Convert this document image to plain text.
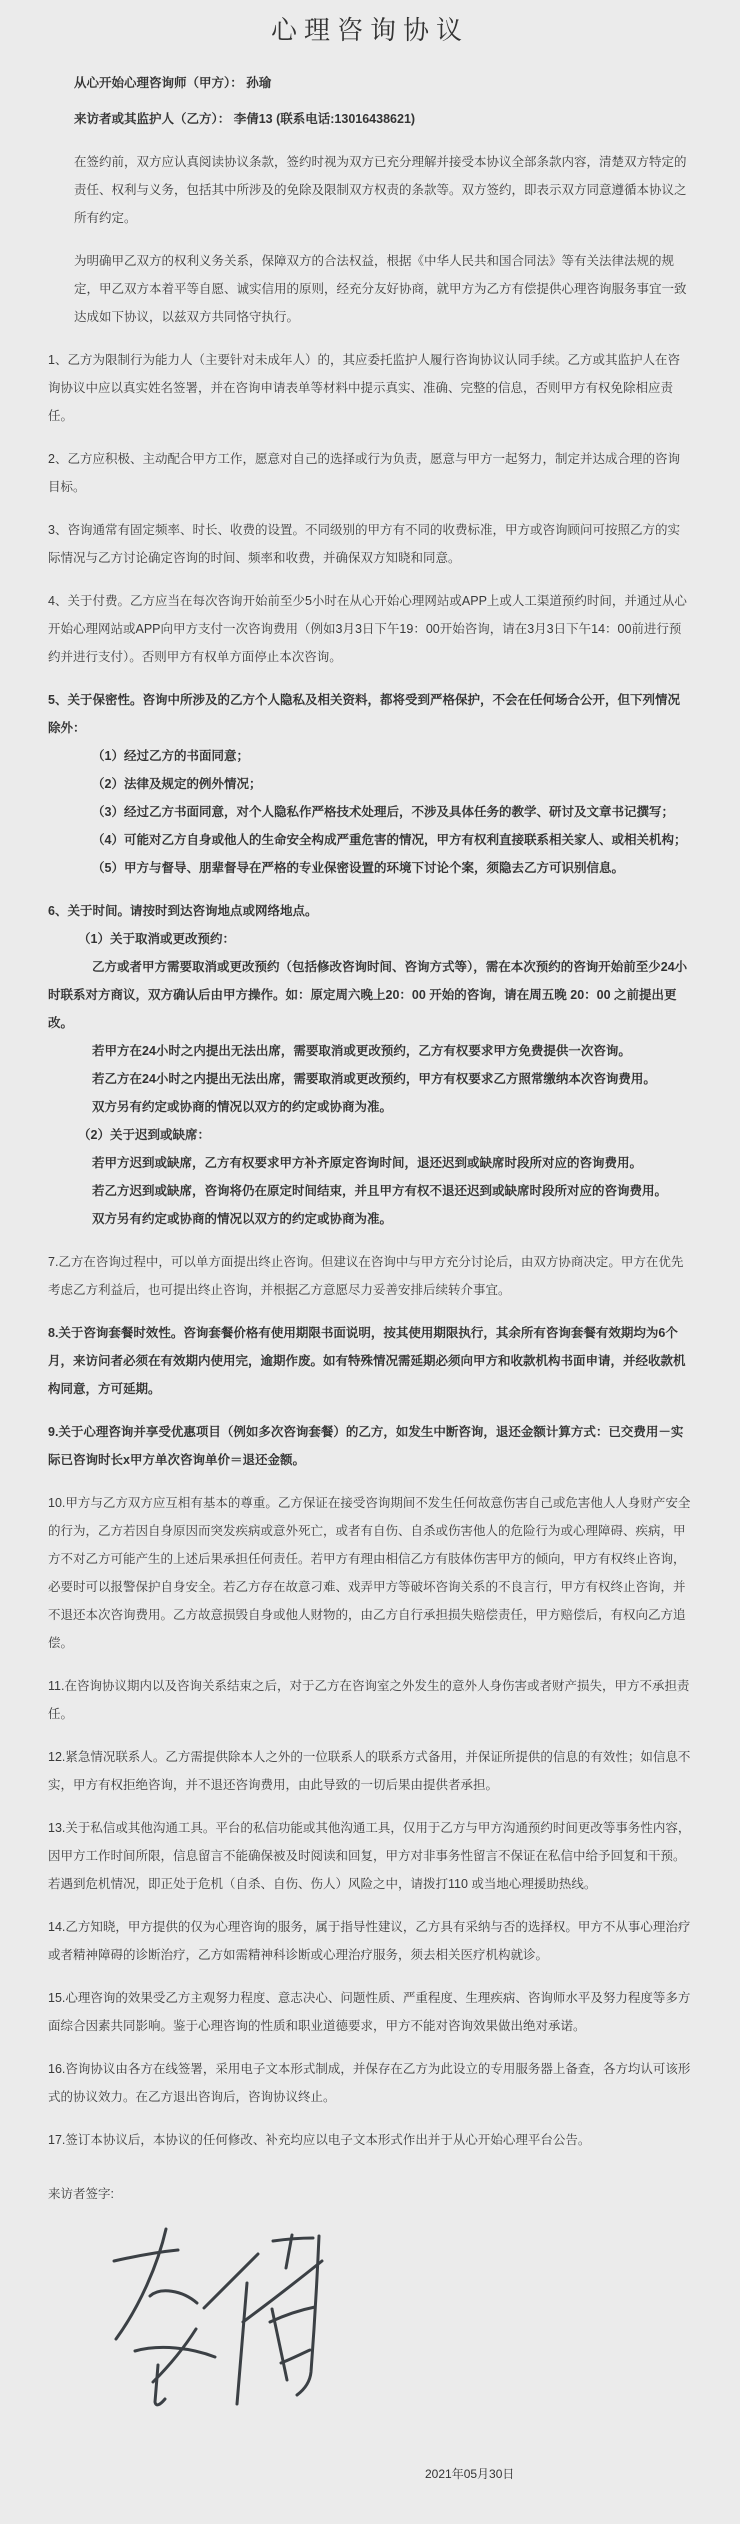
心理咨询协议

从心开始心理咨询师（甲方）： 孙瑜

来访者或其监护人（乙方）： 李倩13 (联系电话:13016438621)

在签约前，双方应认真阅读协议条款，签约时视为双方已充分理解并接受本协议全部条款内容，清楚双方特定的责任、权利与义务，包括其中所涉及的免除及限制双方权责的条款等。双方签约，即表示双方同意遵循本协议之所有约定。

为明确甲乙双方的权利义务关系，保障双方的合法权益，根据《中华人民共和国合同法》等有关法律法规的规定，甲乙双方本着平等自愿、诚实信用的原则，经充分友好协商，就甲方为乙方有偿提供心理咨询服务事宜一致达成如下协议，以兹双方共同恪守执行。

1、乙方为限制行为能力人（主要针对未成年人）的，其应委托监护人履行咨询协议认同手续。乙方或其监护人在咨询协议中应以真实姓名签署，并在咨询申请表单等材料中提示真实、准确、完整的信息，否则甲方有权免除相应责任。

2、乙方应积极、主动配合甲方工作，愿意对自己的选择或行为负责，愿意与甲方一起努力，制定并达成合理的咨询目标。

3、咨询通常有固定频率、时长、收费的设置。不同级别的甲方有不同的收费标准，甲方或咨询顾问可按照乙方的实际情况与乙方讨论确定咨询的时间、频率和收费，并确保双方知晓和同意。

4、关于付费。乙方应当在每次咨询开始前至少5小时在从心开始心理网站或APP上或人工渠道预约时间，并通过从心开始心理网站或APP向甲方支付一次咨询费用（例如3月3日下午19：00开始咨询，请在3月3日下午14：00前进行预约并进行支付）。否则甲方有权单方面停止本次咨询。

5、关于保密性。咨询中所涉及的乙方个人隐私及相关资料，都将受到严格保护，不会在任何场合公开，但下列情况除外：

（1）经过乙方的书面同意；

（2）法律及规定的例外情况；

（3）经过乙方书面同意，对个人隐私作严格技术处理后，不涉及具体任务的教学、研讨及文章书记撰写；

（4）可能对乙方自身或他人的生命安全构成严重危害的情况，甲方有权利直接联系相关家人、或相关机构；

（5）甲方与督导、朋辈督导在严格的专业保密设置的环境下讨论个案，须隐去乙方可识别信息。

6、关于时间。请按时到达咨询地点或网络地点。

（1）关于取消或更改预约：

乙方或者甲方需要取消或更改预约（包括修改咨询时间、咨询方式等），需在本次预约的咨询开始前至少24小时联系对方商议，双方确认后由甲方操作。如：原定周六晚上20：00 开始的咨询，请在周五晚 20：00 之前提出更改。

若甲方在24小时之内提出无法出席，需要取消或更改预约，乙方有权要求甲方免费提供一次咨询。

若乙方在24小时之内提出无法出席，需要取消或更改预约，甲方有权要求乙方照常缴纳本次咨询费用。

双方另有约定或协商的情况以双方的约定或协商为准。

（2）关于迟到或缺席：

若甲方迟到或缺席，乙方有权要求甲方补齐原定咨询时间，退还迟到或缺席时段所对应的咨询费用。

若乙方迟到或缺席，咨询将仍在原定时间结束，并且甲方有权不退还迟到或缺席时段所对应的咨询费用。

双方另有约定或协商的情况以双方的约定或协商为准。

7.乙方在咨询过程中，可以单方面提出终止咨询。但建议在咨询中与甲方充分讨论后，由双方协商决定。甲方在优先考虑乙方利益后，也可提出终止咨询，并根据乙方意愿尽力妥善安排后续转介事宜。

8.关于咨询套餐时效性。咨询套餐价格有使用期限书面说明，按其使用期限执行，其余所有咨询套餐有效期均为6个月，来访问者必须在有效期内使用完，逾期作废。如有特殊情况需延期必须向甲方和收款机构书面申请，并经收款机构同意，方可延期。

9.关于心理咨询并享受优惠项目（例如多次咨询套餐）的乙方，如发生中断咨询，退还金额计算方式：已交费用－实际已咨询时长x甲方单次咨询单价＝退还金额。

10.甲方与乙方双方应互相有基本的尊重。乙方保证在接受咨询期间不发生任何故意伤害自己或危害他人人身财产安全的行为，乙方若因自身原因而突发疾病或意外死亡，或者有自伤、自杀或伤害他人的危险行为或心理障碍、疾病，甲方不对乙方可能产生的上述后果承担任何责任。若甲方有理由相信乙方有肢体伤害甲方的倾向，甲方有权终止咨询，必要时可以报警保护自身安全。若乙方存在故意刁难、戏弄甲方等破坏咨询关系的不良言行，甲方有权终止咨询，并不退还本次咨询费用。乙方故意损毁自身或他人财物的，由乙方自行承担损失赔偿责任，甲方赔偿后，有权向乙方追偿。

11.在咨询协议期内以及咨询关系结束之后，对于乙方在咨询室之外发生的意外人身伤害或者财产损失，甲方不承担责任。

12.紧急情况联系人。乙方需提供除本人之外的一位联系人的联系方式备用，并保证所提供的信息的有效性；如信息不实，甲方有权拒绝咨询，并不退还咨询费用，由此导致的一切后果由提供者承担。

13.关于私信或其他沟通工具。平台的私信功能或其他沟通工具，仅用于乙方与甲方沟通预约时间更改等事务性内容，因甲方工作时间所限，信息留言不能确保被及时阅读和回复，甲方对非事务性留言不保证在私信中给予回复和干预。若遇到危机情况，即正处于危机（自杀、自伤、伤人）风险之中，请拨打110 或当地心理援助热线。

14.乙方知晓，甲方提供的仅为心理咨询的服务，属于指导性建议，乙方具有采纳与否的选择权。甲方不从事心理治疗或者精神障碍的诊断治疗，乙方如需精神科诊断或心理治疗服务，须去相关医疗机构就诊。

15.心理咨询的效果受乙方主观努力程度、意志决心、问题性质、严重程度、生理疾病、咨询师水平及努力程度等多方面综合因素共同影响。鉴于心理咨询的性质和职业道德要求，甲方不能对咨询效果做出绝对承诺。

16.咨询协议由各方在线签署，采用电子文本形式制成，并保存在乙方为此设立的专用服务器上备查，各方均认可该形式的协议效力。在乙方退出咨询后，咨询协议终止。

17.签订本协议后，本协议的任何修改、补充均应以电子文本形式作出并于从心开始心理平台公告。

来访者签字:

2021年05月30日
